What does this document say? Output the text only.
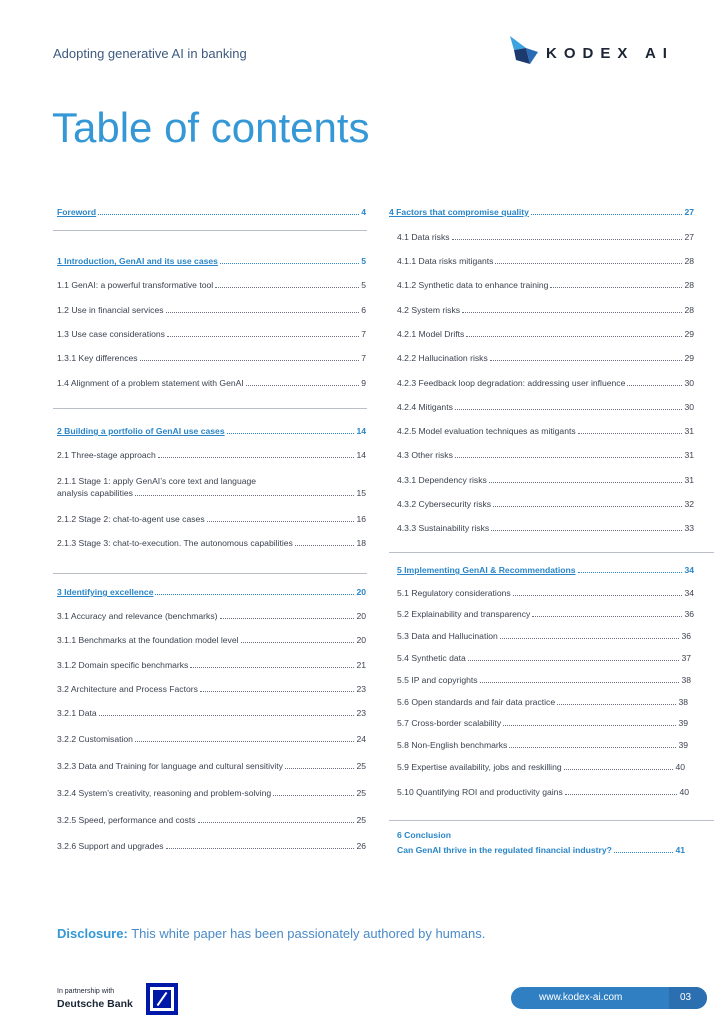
Adopting generative AI in banking	KODEX AI
Table of contents
Foreword	4
1 Introduction, GenAI and its use cases	5
1.1 GenAI: a powerful transformative tool	5
1.2 Use in financial services	6
1.3 Use case considerations	7
1.3.1 Key differences	7
1.4 Alignment of a problem statement with GenAI	9
2 Building a portfolio of GenAI use cases	14
2.1 Three-stage approach	14
2.1.1 Stage 1: apply GenAI’s core text and language
analysis capabilities	15
2.1.2 Stage 2: chat-to-agent use cases	16
2.1.3 Stage 3: chat-to-execution. The autonomous capabilities	18
3 Identifying excellence	20
3.1 Accuracy and relevance (benchmarks)	20
3.1.1 Benchmarks at the foundation model level	20
3.1.2 Domain specific benchmarks	21
3.2 Architecture and Process Factors	23
3.2.1 Data	23
3.2.2 Customisation	24
3.2.3 Data and Training for language and cultural sensitivity	25
3.2.4 System’s creativity, reasoning and problem-solving	25
3.2.5 Speed, performance and costs	25
3.2.6 Support and upgrades	26
4 Factors that compromise quality	27
4.1 Data risks	27
4.1.1 Data risks mitigants	28
4.1.2 Synthetic data to enhance training	28
4.2 System risks	28
4.2.1 Model Drifts	29
4.2.2 Hallucination risks	29
4.2.3 Feedback loop degradation: addressing user influence	30
4.2.4 Mitigants	30
4.2.5 Model evaluation techniques as mitigants	31
4.3 Other risks	31
4.3.1 Dependency risks	31
4.3.2 Cybersecurity risks	32
4.3.3 Sustainability risks	33
5 Implementing GenAI & Recommendations	34
5.1 Regulatory considerations	34
5.2 Explainability and transparency	36
5.3 Data and Hallucination	36
5.4 Synthetic data	37
5.5 IP and copyrights	38
5.6 Open standards and fair data practice	38
5.7 Cross-border scalability	39
5.8 Non-English benchmarks	39
5.9 Expertise availability, jobs and reskilling	40
5.10 Quantifying ROI and productivity gains	40
6 Conclusion
Can GenAI thrive in the regulated financial industry?	41
Disclosure: This white paper has been passionately authored by humans.
In partnership with
Deutsche Bank
www.kodex-ai.com	03
